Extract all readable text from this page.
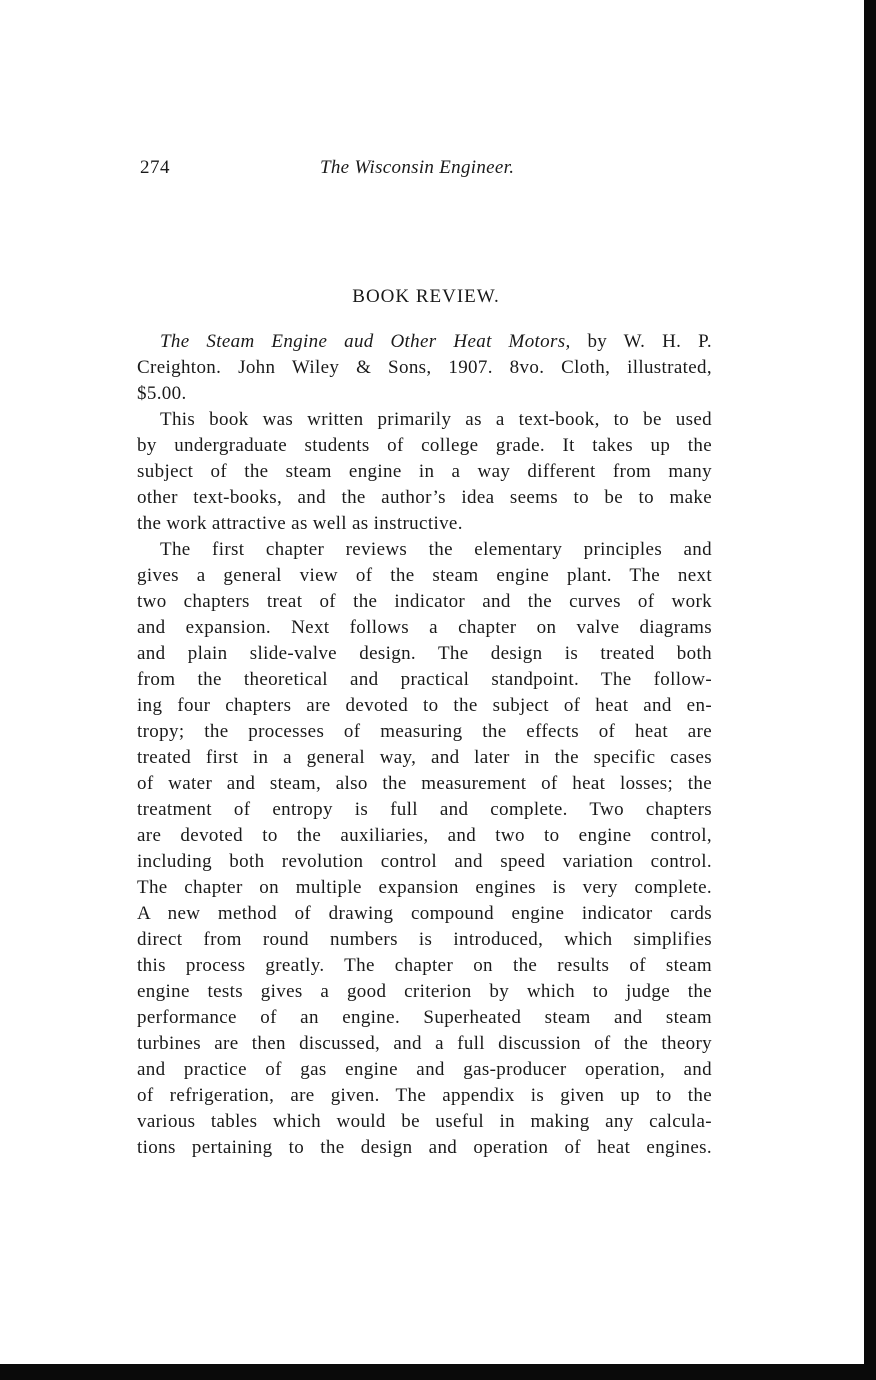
274	The Wisconsin Engineer.
BOOK REVIEW.
The Steam Engine aud Other Heat Motors, by W. H. P.
Creighton. John Wiley & Sons, 1907. 8vo. Cloth, illustrated,
$5.00.
This book was written primarily as a text-book, to be used
by undergraduate students of college grade. It takes up the
subject of the steam engine in a way different from many
other text-books, and the author’s idea seems to be to make
the work attractive as well as instructive.
The first chapter reviews the elementary principles and
gives a general view of the steam engine plant. The next
two chapters treat of the indicator and the curves of work
and expansion. Next follows a chapter on valve diagrams
and plain slide-valve design. The design is treated both
from the theoretical and practical standpoint. The follow-
ing four chapters are devoted to the subject of heat and en-
tropy; the processes of measuring the effects of heat are
treated first in a general way, and later in the specific cases
of water and steam, also the measurement of heat losses; the
treatment of entropy is full and complete. Two chapters
are devoted to the auxiliaries, and two to engine control,
including both revolution control and speed variation control.
The chapter on multiple expansion engines is very complete.
A new method of drawing compound engine indicator cards
direct from round numbers is introduced, which simplifies
this process greatly. The chapter on the results of steam
engine tests gives a good criterion by which to judge the
performance of an engine. Superheated steam and steam
turbines are then discussed, and a full discussion of the theory
and practice of gas engine and gas-producer operation, and
of refrigeration, are given. The appendix is given up to the
various tables which would be useful in making any calcula-
tions pertaining to the design and operation of heat engines.
